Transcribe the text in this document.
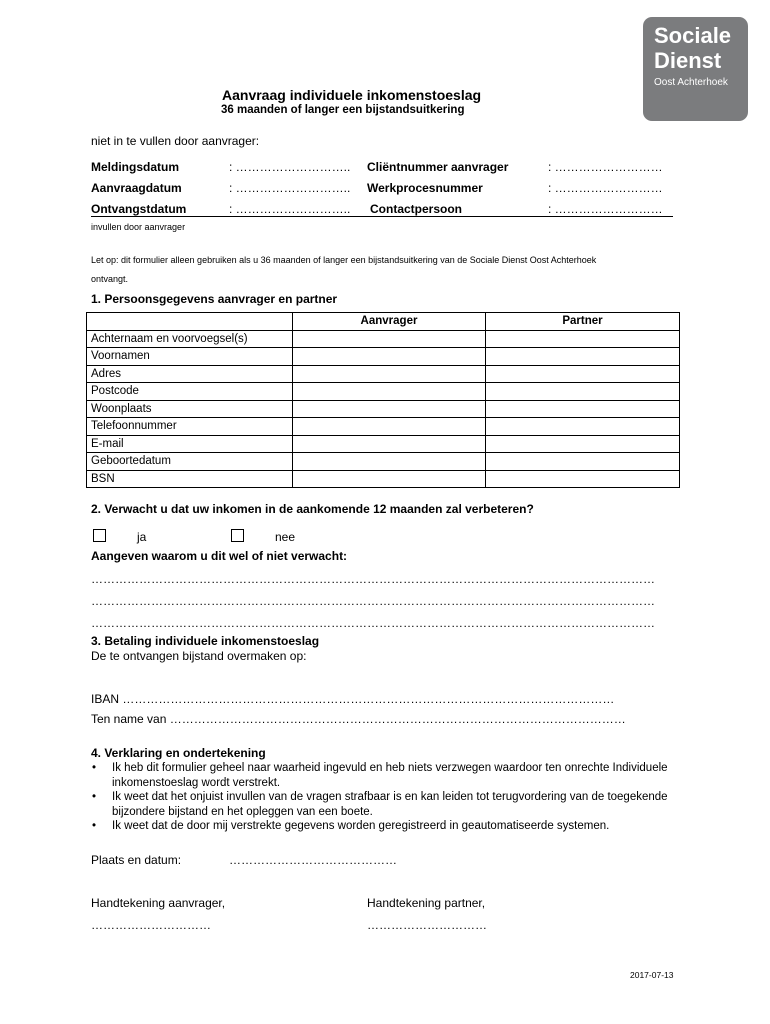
Sociale
Dienst
Oost Achterhoek
Aanvraag individuele inkomenstoeslag
36 maanden of langer een bijstandsuitkering
niet in te vullen door aanvrager:
Meldingsdatum	: ………………………..
Aanvraagdatum	: ………………………..
Ontvangstdatum	: ………………………..
Cliëntnummer aanvrager	: ………………………
Werkprocesnummer	: ………………………
Contactpersoon	: ………………………
invullen door aanvrager
Let op: dit formulier alleen gebruiken als u 36 maanden of langer een bijstandsuitkering van de Sociale Dienst Oost Achterhoek
ontvangt.
1. Persoonsgegevens aanvrager en partner
	Aanvrager	Partner
Achternaam en voorvoegsel(s)		
Voornamen		
Adres		
Postcode		
Woonplaats		
Telefoonnummer		
E-mail		
Geboortedatum		
BSN		
2. Verwacht u dat uw inkomen in de aankomende 12 maanden zal verbeteren?
ja	nee
Aangeven waarom u dit wel of niet verwacht:
……………………………………………………………………………………………………………………………
……………………………………………………………………………………………………………………………
……………………………………………………………………………………………………………………………
3. Betaling individuele inkomenstoeslag
De te ontvangen bijstand overmaken op:
IBAN ……………………………………………………………………………………………………………
Ten name van ……………………………………………………………………………………………………
4. Verklaring en ondertekening
• Ik heb dit formulier geheel naar waarheid ingevuld en heb niets verzwegen waardoor ten onrechte Individuele inkomenstoeslag wordt verstrekt.
• Ik weet dat het onjuist invullen van de vragen strafbaar is en kan leiden tot terugvordering van de toegekende bijzondere bijstand en het opleggen van een boete.
• Ik weet dat de door mij verstrekte gegevens worden geregistreerd in geautomatiseerde systemen.
Plaats en datum:	……………………………………
Handtekening aanvrager,
…………………………
Handtekening partner,
…………………………
2017-07-13
